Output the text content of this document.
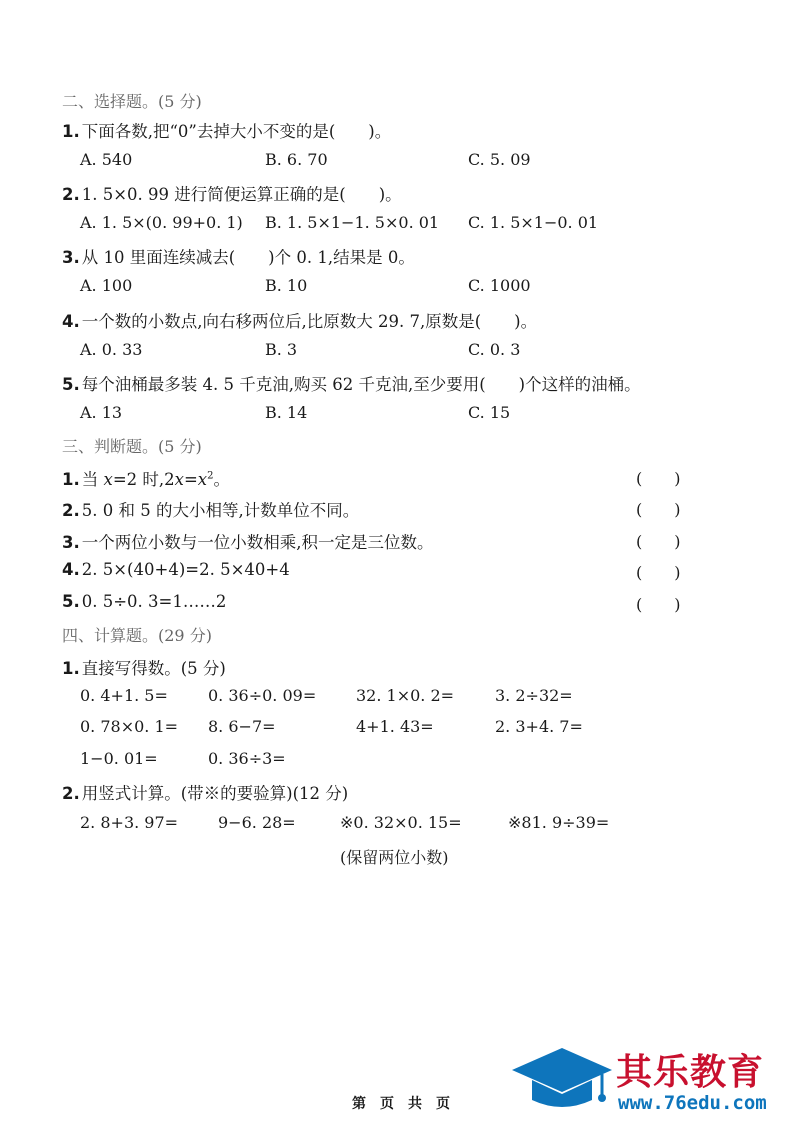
二、选择题。(5 分)
1. 下面各数,把“0”去掉大小不变的是(　　)。
A. 540	B. 6. 70	C. 5. 09
2. 1. 5×0. 99 进行简便运算正确的是(　　)。
A. 1. 5×(0. 99+0. 1) B. 1. 5×1−1. 5×0. 01 C. 1. 5×1−0. 01
3. 从 10 里面连续减去(　　)个 0. 1,结果是 0。
A. 100	B. 10	C. 1000
4. 一个数的小数点,向右移两位后,比原数大 29. 7,原数是(　　)。
A. 0. 33	B. 3	C. 0. 3
5. 每个油桶最多装 4. 5 千克油,购买 62 千克油,至少要用(　　)个这样的油桶。
A. 13	B. 14	C. 15
三、判断题。(5 分)
1. 当 x=2 时$,2x=x^2$。	(　　)
2. 5. 0 和 5 的大小相等,计数单位不同。	(　　)
3. 一个两位小数与一位小数相乘,积一定是三位数。	(　　)
4. 2. 5×(40+4)=2. 5×40+4	(　　)
5. 0. 5÷0. 3=1……2	(　　)
四、计算题。(29 分)
1. 直接写得数。(5 分)
0. 4+1. 5=	0. 36÷0. 09= 32. 1×0. 2=	3. 2÷32=
0. 78×0. 1= 8. 6−7=	4+1. 43=	2. 3+4. 7=
1−0. 01=	0. 36÷3=
2. 用竖式计算。(带※的要验算)(12 分)
2. 8+3. 97= 9−6. 28=	※0. 32×0. 15=	※81. 9÷39=
(保留两位小数)
第　页　共　页
其乐教育
www.76edu.com
